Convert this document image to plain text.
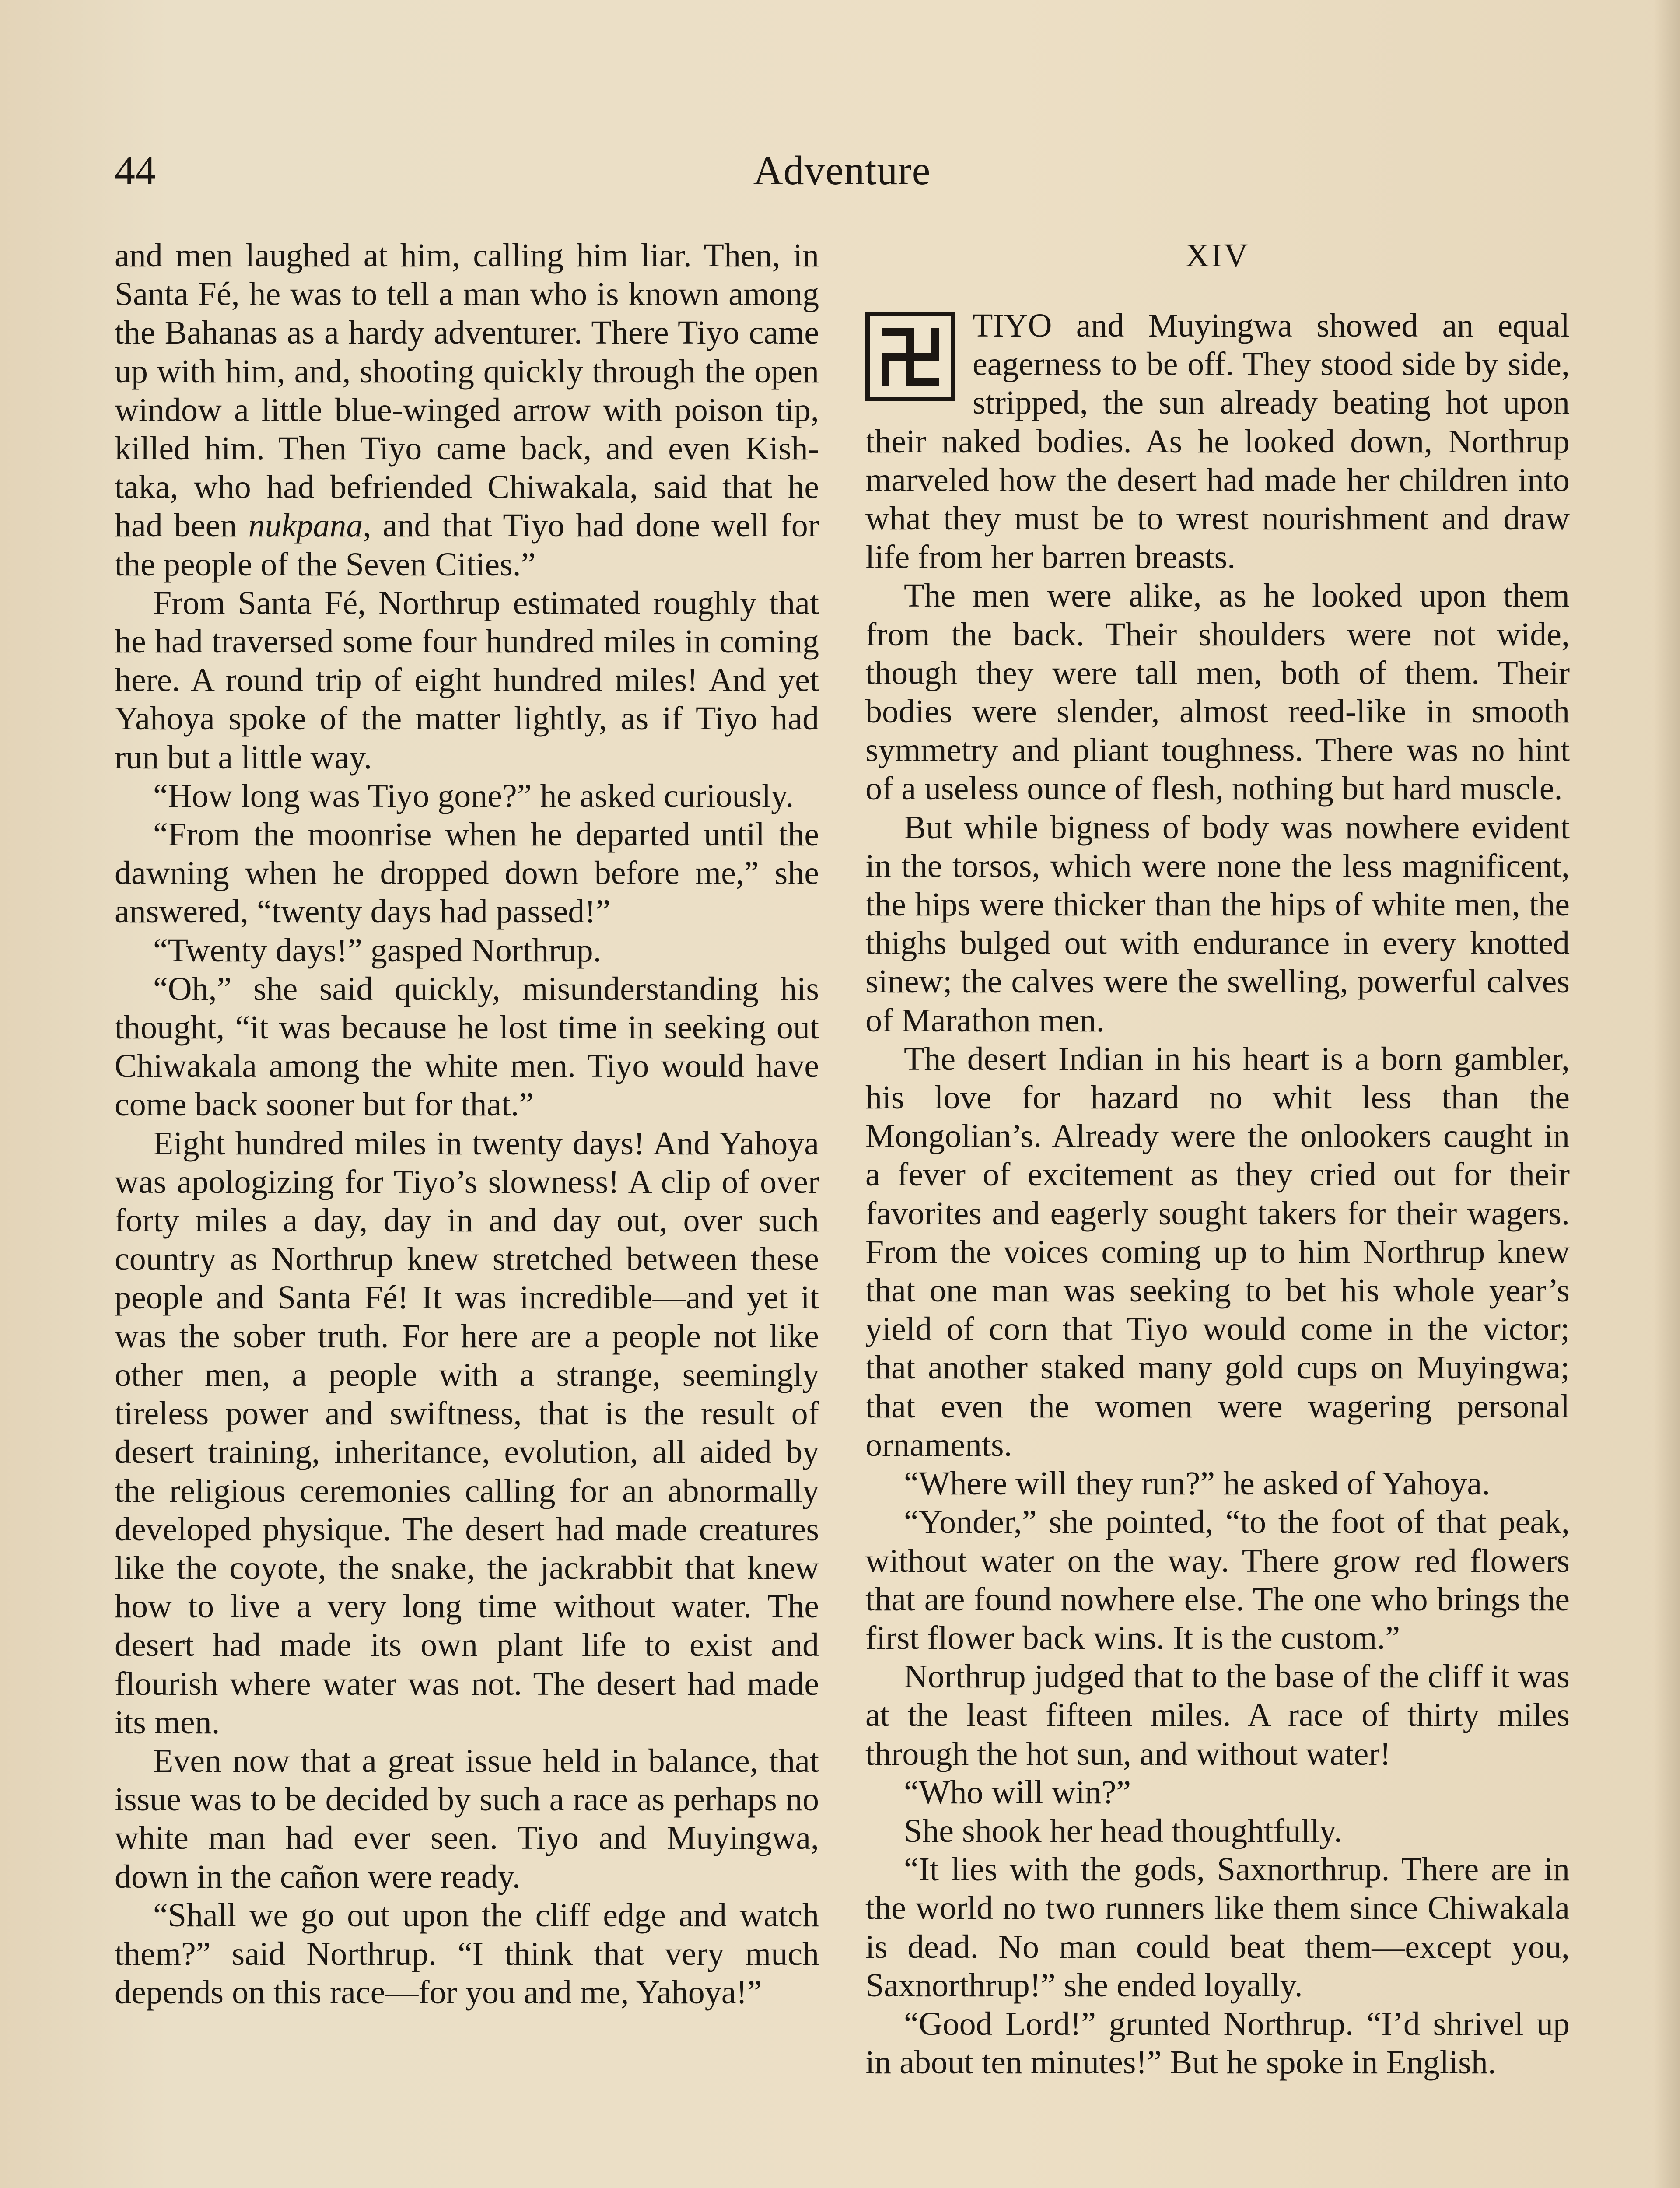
44	Adventure

and men laughed at him, calling him liar. Then, in Santa Fé, he was to tell a man who is known among the Bahanas as a hardy adventurer. There Tiyo came up with him, and, shooting quickly through the open window a little blue-winged arrow with poison tip, killed him. Then Tiyo came back, and even Kish-taka, who had befriended Chiwakala, said that he had been nukpana, and that Tiyo had done well for the people of the Seven Cities.”

From Santa Fé, Northrup estimated roughly that he had traversed some four hundred miles in coming here. A round trip of eight hundred miles! And yet Yahoya spoke of the matter lightly, as if Tiyo had run but a little way.

“How long was Tiyo gone?” he asked curiously.

“From the moonrise when he departed until the dawning when he dropped down before me,” she answered, “twenty days had passed!”

“Twenty days!” gasped Northrup.

“Oh,” she said quickly, misunderstanding his thought, “it was because he lost time in seeking out Chiwakala among the white men. Tiyo would have come back sooner but for that.”

Eight hundred miles in twenty days! And Yahoya was apologizing for Tiyo’s slowness! A clip of over forty miles a day, day in and day out, over such country as Northrup knew stretched between these people and Santa Fé! It was incredible—and yet it was the sober truth. For here are a people not like other men, a people with a strange, seemingly tireless power and swiftness, that is the result of desert training, inheritance, evolution, all aided by the religious ceremonies calling for an abnormally developed physique. The desert had made creatures like the coyote, the snake, the jackrabbit that knew how to live a very long time without water. The desert had made its own plant life to exist and flourish where water was not. The desert had made its men.

Even now that a great issue held in balance, that issue was to be decided by such a race as perhaps no white man had ever seen. Tiyo and Muyingwa, down in the cañon were ready.

“Shall we go out upon the cliff edge and watch them?” said Northrup. “I think that very much depends on this race—for you and me, Yahoya!”

XIV

TIYO and Muyingwa showed an equal eagerness to be off. They stood side by side, stripped, the sun already beating hot upon their naked bodies. As he looked down, Northrup marveled how the desert had made her children into what they must be to wrest nourishment and draw life from her barren breasts.

The men were alike, as he looked upon them from the back. Their shoulders were not wide, though they were tall men, both of them. Their bodies were slender, almost reed-like in smooth symmetry and pliant toughness. There was no hint of a useless ounce of flesh, nothing but hard muscle.

But while bigness of body was nowhere evident in the torsos, which were none the less magnificent, the hips were thicker than the hips of white men, the thighs bulged out with endurance in every knotted sinew; the calves were the swelling, powerful calves of Marathon men.

The desert Indian in his heart is a born gambler, his love for hazard no whit less than the Mongolian’s. Already were the onlookers caught in a fever of excitement as they cried out for their favorites and eagerly sought takers for their wagers. From the voices coming up to him Northrup knew that one man was seeking to bet his whole year’s yield of corn that Tiyo would come in the victor; that another staked many gold cups on Muyingwa; that even the women were wagering personal ornaments.

“Where will they run?” he asked of Yahoya.

“Yonder,” she pointed, “to the foot of that peak, without water on the way. There grow red flowers that are found nowhere else. The one who brings the first flower back wins. It is the custom.”

Northrup judged that to the base of the cliff it was at the least fifteen miles. A race of thirty miles through the hot sun, and without water!

“Who will win?”

She shook her head thoughtfully.

“It lies with the gods, Saxnorthrup. There are in the world no two runners like them since Chiwakala is dead. No man could beat them—except you, Saxnorthrup!” she ended loyally.

“Good Lord!” grunted Northrup. “I’d shrivel up in about ten minutes!” But he spoke in English.
